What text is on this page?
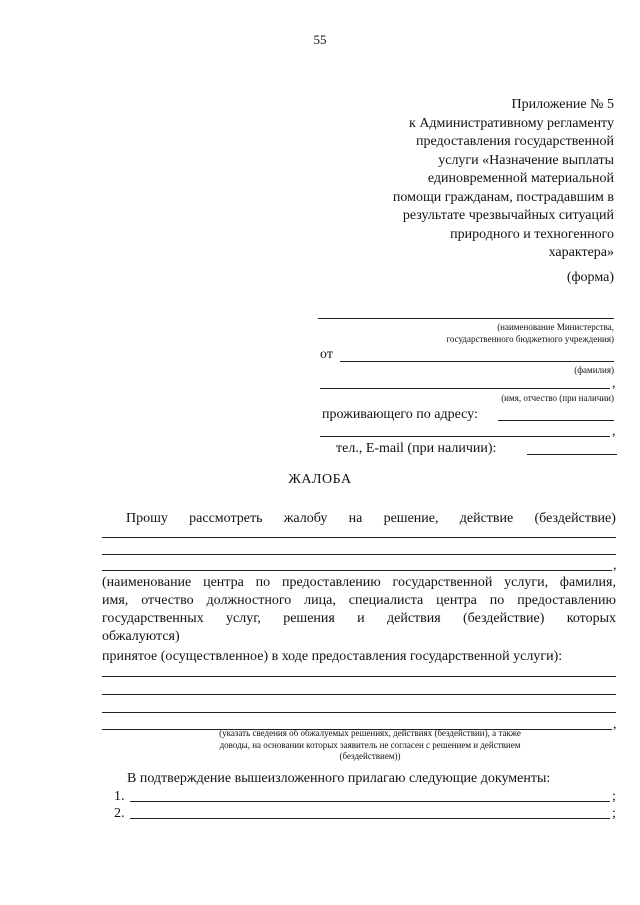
55
Приложение № 5
к Административному регламенту
предоставления государственной
услуги «Назначение выплаты
единовременной материальной
помощи гражданам, пострадавшим в
результате чрезвычайных ситуаций
природного и техногенного
характера»
(форма)
(наименование Министерства,
государственного бюджетного учреждения)
от
(фамилия)
,
(имя, отчество (при наличии)
проживающего по адресу:
,
тел., E-mail (при наличии):
ЖАЛОБА
Прошу рассмотреть жалобу на решение, действие (бездействие)
,
(наименование центра по предоставлению государственной услуги, фамилия,
имя, отчество должностного лица, специалиста центра по предоставлению
государственных услуг, решения и действия (бездействие) которых
обжалуются)
принятое (осуществленное) в ходе предоставления государственной услуги):
,
(указать сведения об обжалуемых решениях, действиях (бездействии), а также
доводы, на основании которых заявитель не согласен с решением и действием
(бездействием))
В подтверждение вышеизложенного прилагаю следующие документы:
1.	;
2.	;
